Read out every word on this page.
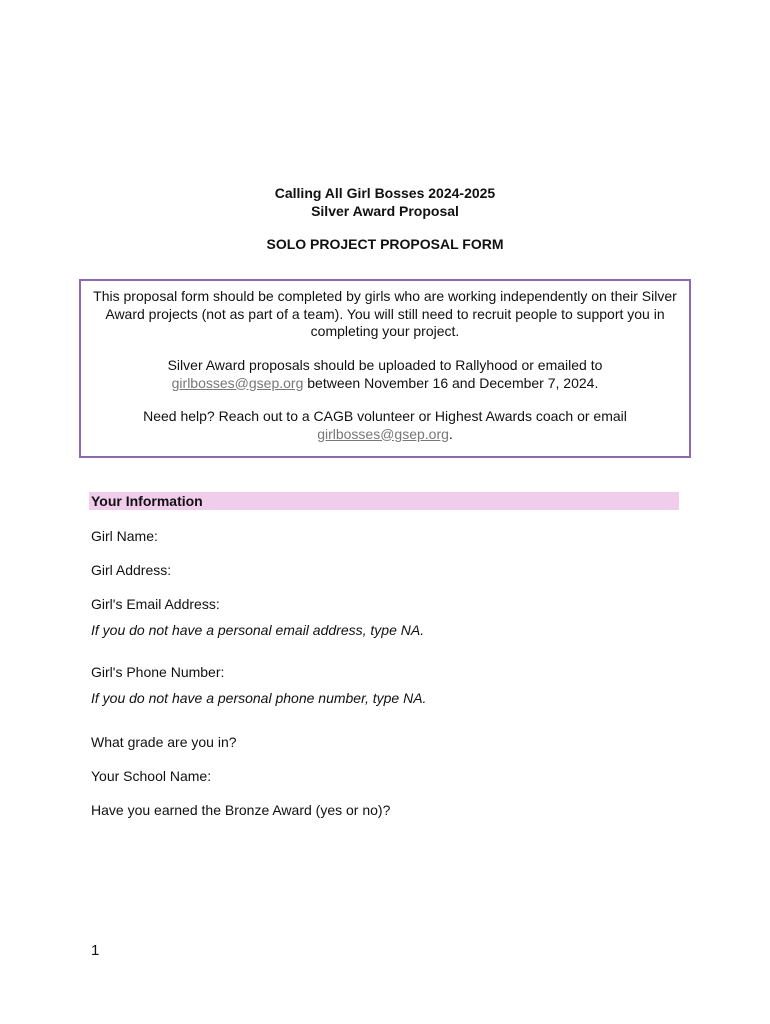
Calling All Girl Bosses 2024-2025
Silver Award Proposal
SOLO PROJECT PROPOSAL FORM

This proposal form should be completed by girls who are working independently on their Silver Award projects (not as part of a team). You will still need to recruit people to support you in completing your project.

Silver Award proposals should be uploaded to Rallyhood or emailed to
girlbosses@gsep.org between November 16 and December 7, 2024.

Need help? Reach out to a CAGB volunteer or Highest Awards coach or email
girlbosses@gsep.org.

Your Information
Girl Name:
Girl Address:
Girl's Email Address:
If you do not have a personal email address, type NA.
Girl's Phone Number:
If you do not have a personal phone number, type NA.
What grade are you in?
Your School Name:
Have you earned the Bronze Award (yes or no)?
1
